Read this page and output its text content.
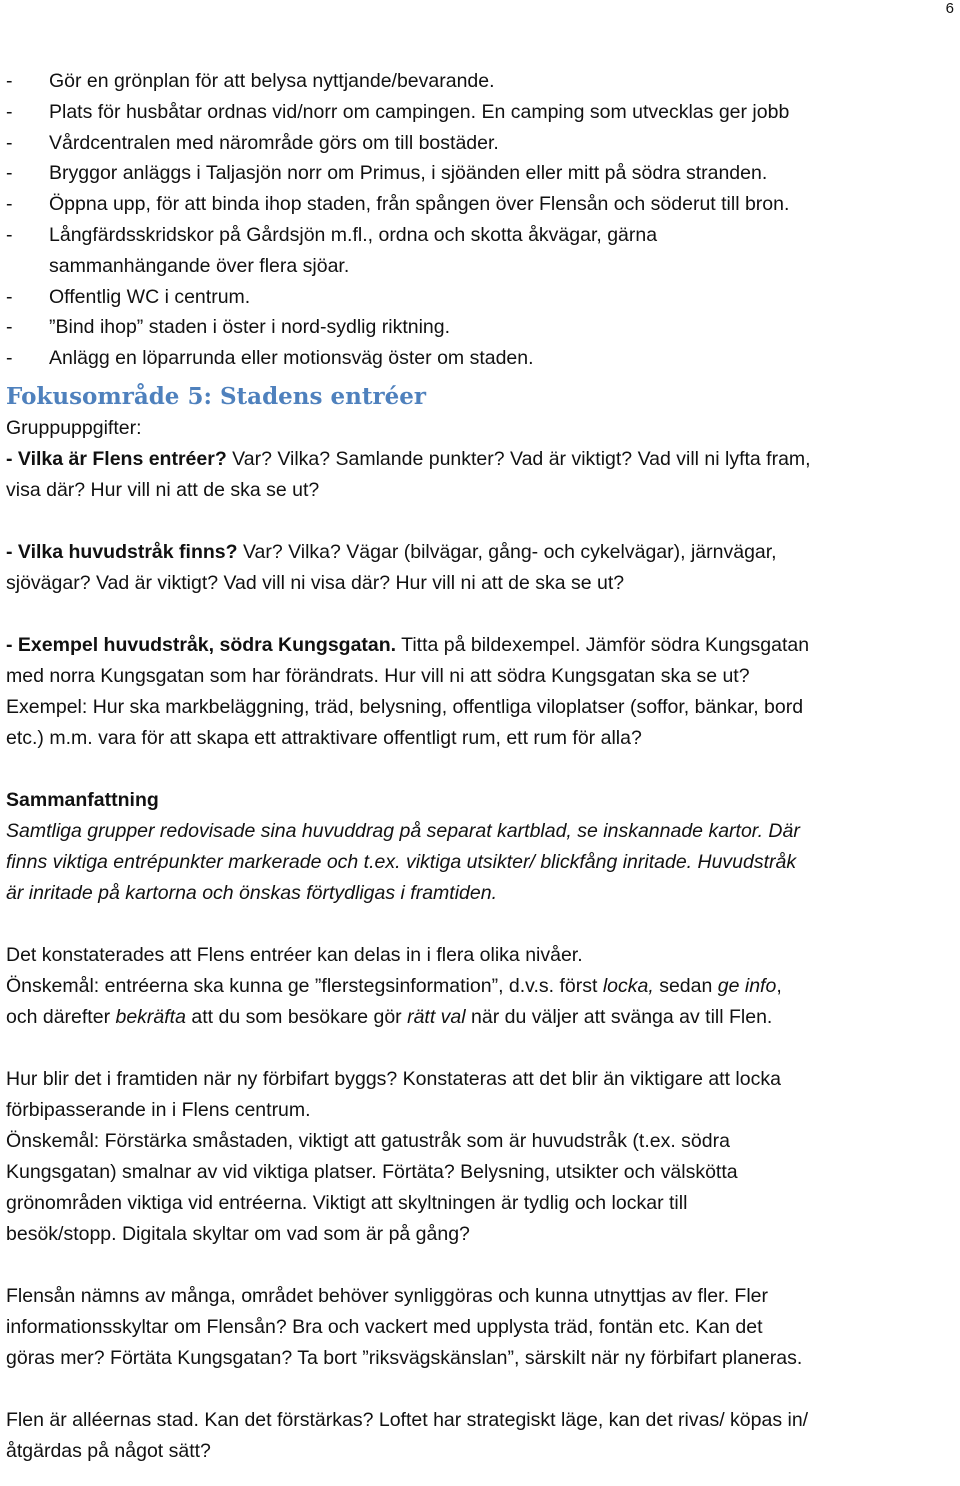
6
- Gör en grönplan för att belysa nyttjande/bevarande.
- Plats för husbåtar ordnas vid/norr om campingen. En camping som utvecklas ger jobb
- Vårdcentralen med närområde görs om till bostäder.
- Bryggor anläggs i Taljasjön norr om Primus, i sjöänden eller mitt på södra stranden.
- Öppna upp, för att binda ihop staden, från spången över Flensån och söderut till bron.
- Långfärdsskridskor på Gårdsjön m.fl., ordna och skotta åkvägar, gärna
sammanhängande över flera sjöar.
- Offentlig WC i centrum.
- ”Bind ihop” staden i öster i nord-sydlig riktning.
- Anlägg en löparrunda eller motionsväg öster om staden.
Fokusområde 5: Stadens entréer
Gruppuppgifter:
- Vilka är Flens entréer? Var? Vilka? Samlande punkter? Vad är viktigt? Vad vill ni lyfta fram,
visa där? Hur vill ni att de ska se ut?
- Vilka huvudstråk finns? Var? Vilka? Vägar (bilvägar, gång- och cykelvägar), järnvägar,
sjövägar? Vad är viktigt? Vad vill ni visa där? Hur vill ni att de ska se ut?
- Exempel huvudstråk, södra Kungsgatan. Titta på bildexempel. Jämför södra Kungsgatan
med norra Kungsgatan som har förändrats. Hur vill ni att södra Kungsgatan ska se ut?
Exempel: Hur ska markbeläggning, träd, belysning, offentliga viloplatser (soffor, bänkar, bord
etc.) m.m. vara för att skapa ett attraktivare offentligt rum, ett rum för alla?
Sammanfattning
Samtliga grupper redovisade sina huvuddrag på separat kartblad, se inskannade kartor. Där
finns viktiga entrépunkter markerade och t.ex. viktiga utsikter/ blickfång inritade. Huvudstråk
är inritade på kartorna och önskas förtydligas i framtiden.
Det konstaterades att Flens entréer kan delas in i flera olika nivåer.
Önskemål: entréerna ska kunna ge ”flerstegsinformation”, d.v.s. först locka, sedan ge info,
och därefter bekräfta att du som besökare gör rätt val när du väljer att svänga av till Flen.
Hur blir det i framtiden när ny förbifart byggs? Konstateras att det blir än viktigare att locka
förbipasserande in i Flens centrum.
Önskemål: Förstärka småstaden, viktigt att gatustråk som är huvudstråk (t.ex. södra
Kungsgatan) smalnar av vid viktiga platser. Förtäta? Belysning, utsikter och välskötta
grönområden viktiga vid entréerna. Viktigt att skyltningen är tydlig och lockar till
besök/stopp. Digitala skyltar om vad som är på gång?
Flensån nämns av många, området behöver synliggöras och kunna utnyttjas av fler. Fler
informationsskyltar om Flensån? Bra och vackert med upplysta träd, fontän etc. Kan det
göras mer? Förtäta Kungsgatan? Ta bort ”riksvägskänslan”, särskilt när ny förbifart planeras.
Flen är alléernas stad. Kan det förstärkas? Loftet har strategiskt läge, kan det rivas/ köpas in/
åtgärdas på något sätt?
